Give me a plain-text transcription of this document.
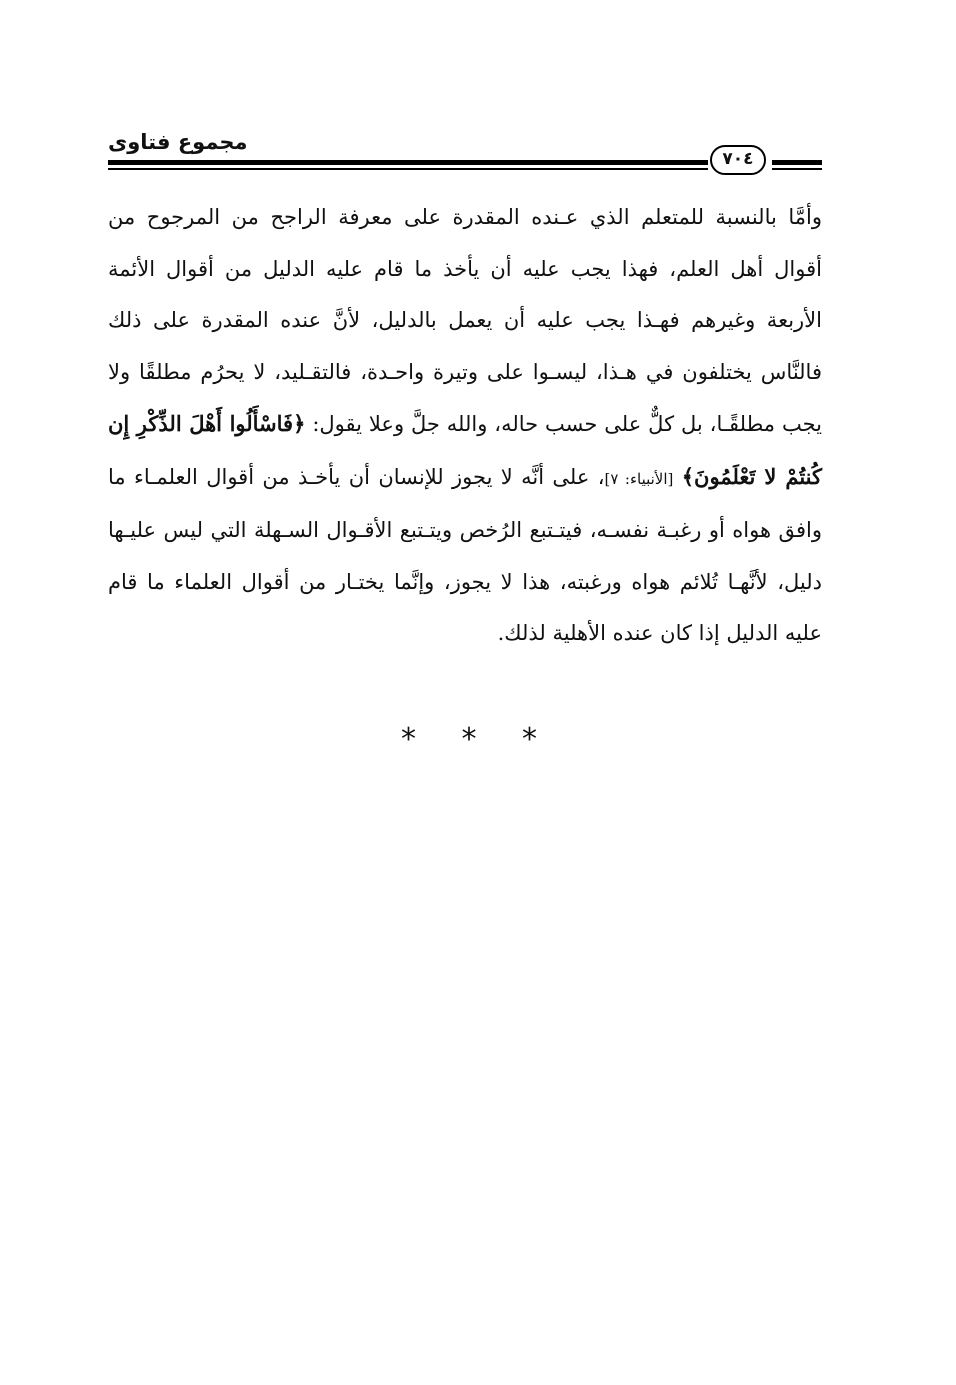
مجموع فتاوى
٧٠٤

وأمَّا بالنسبة للمتعلم الذي عـنده المقدرة على معرفة الراجح من المرجوح من أقوال أهل العلم، فهذا يجب عليه أن يأخذ ما قام عليه الدليل من أقوال الأئمة الأربعة وغيرهم فهـذا يجب عليه أن يعمل بالدليل، لأنَّ عنده المقدرة على ذلك فالنَّاس يختلفون في هـذا، ليسـوا على وتيرة واحـدة، فالتقـليد، لا يحرُم مطلقًا ولا يجب مطلقًـا، بل كلٌّ على حسب حاله، والله جلَّ وعلا يقول: ﴿فَاسْأَلُوا أَهْلَ الذِّكْرِ إِن كُنتُمْ لا تَعْلَمُونَ﴾ [الأنبياء: ٧]، على أنَّه لا يجوز للإنسان أن يأخـذ من أقوال العلمـاء ما وافق هواه أو رغبـة نفسـه، فيتـتبع الرُخص ويتـتبع الأقـوال السـهلة التي ليس عليـها دليل، لأنَّهـا تُلائم هواه ورغبته، هذا لا يجوز، وإنَّما يختـار من أقوال العلماء ما قام عليه الدليل إذا كان عنده الأهلية لذلك.

* * *
